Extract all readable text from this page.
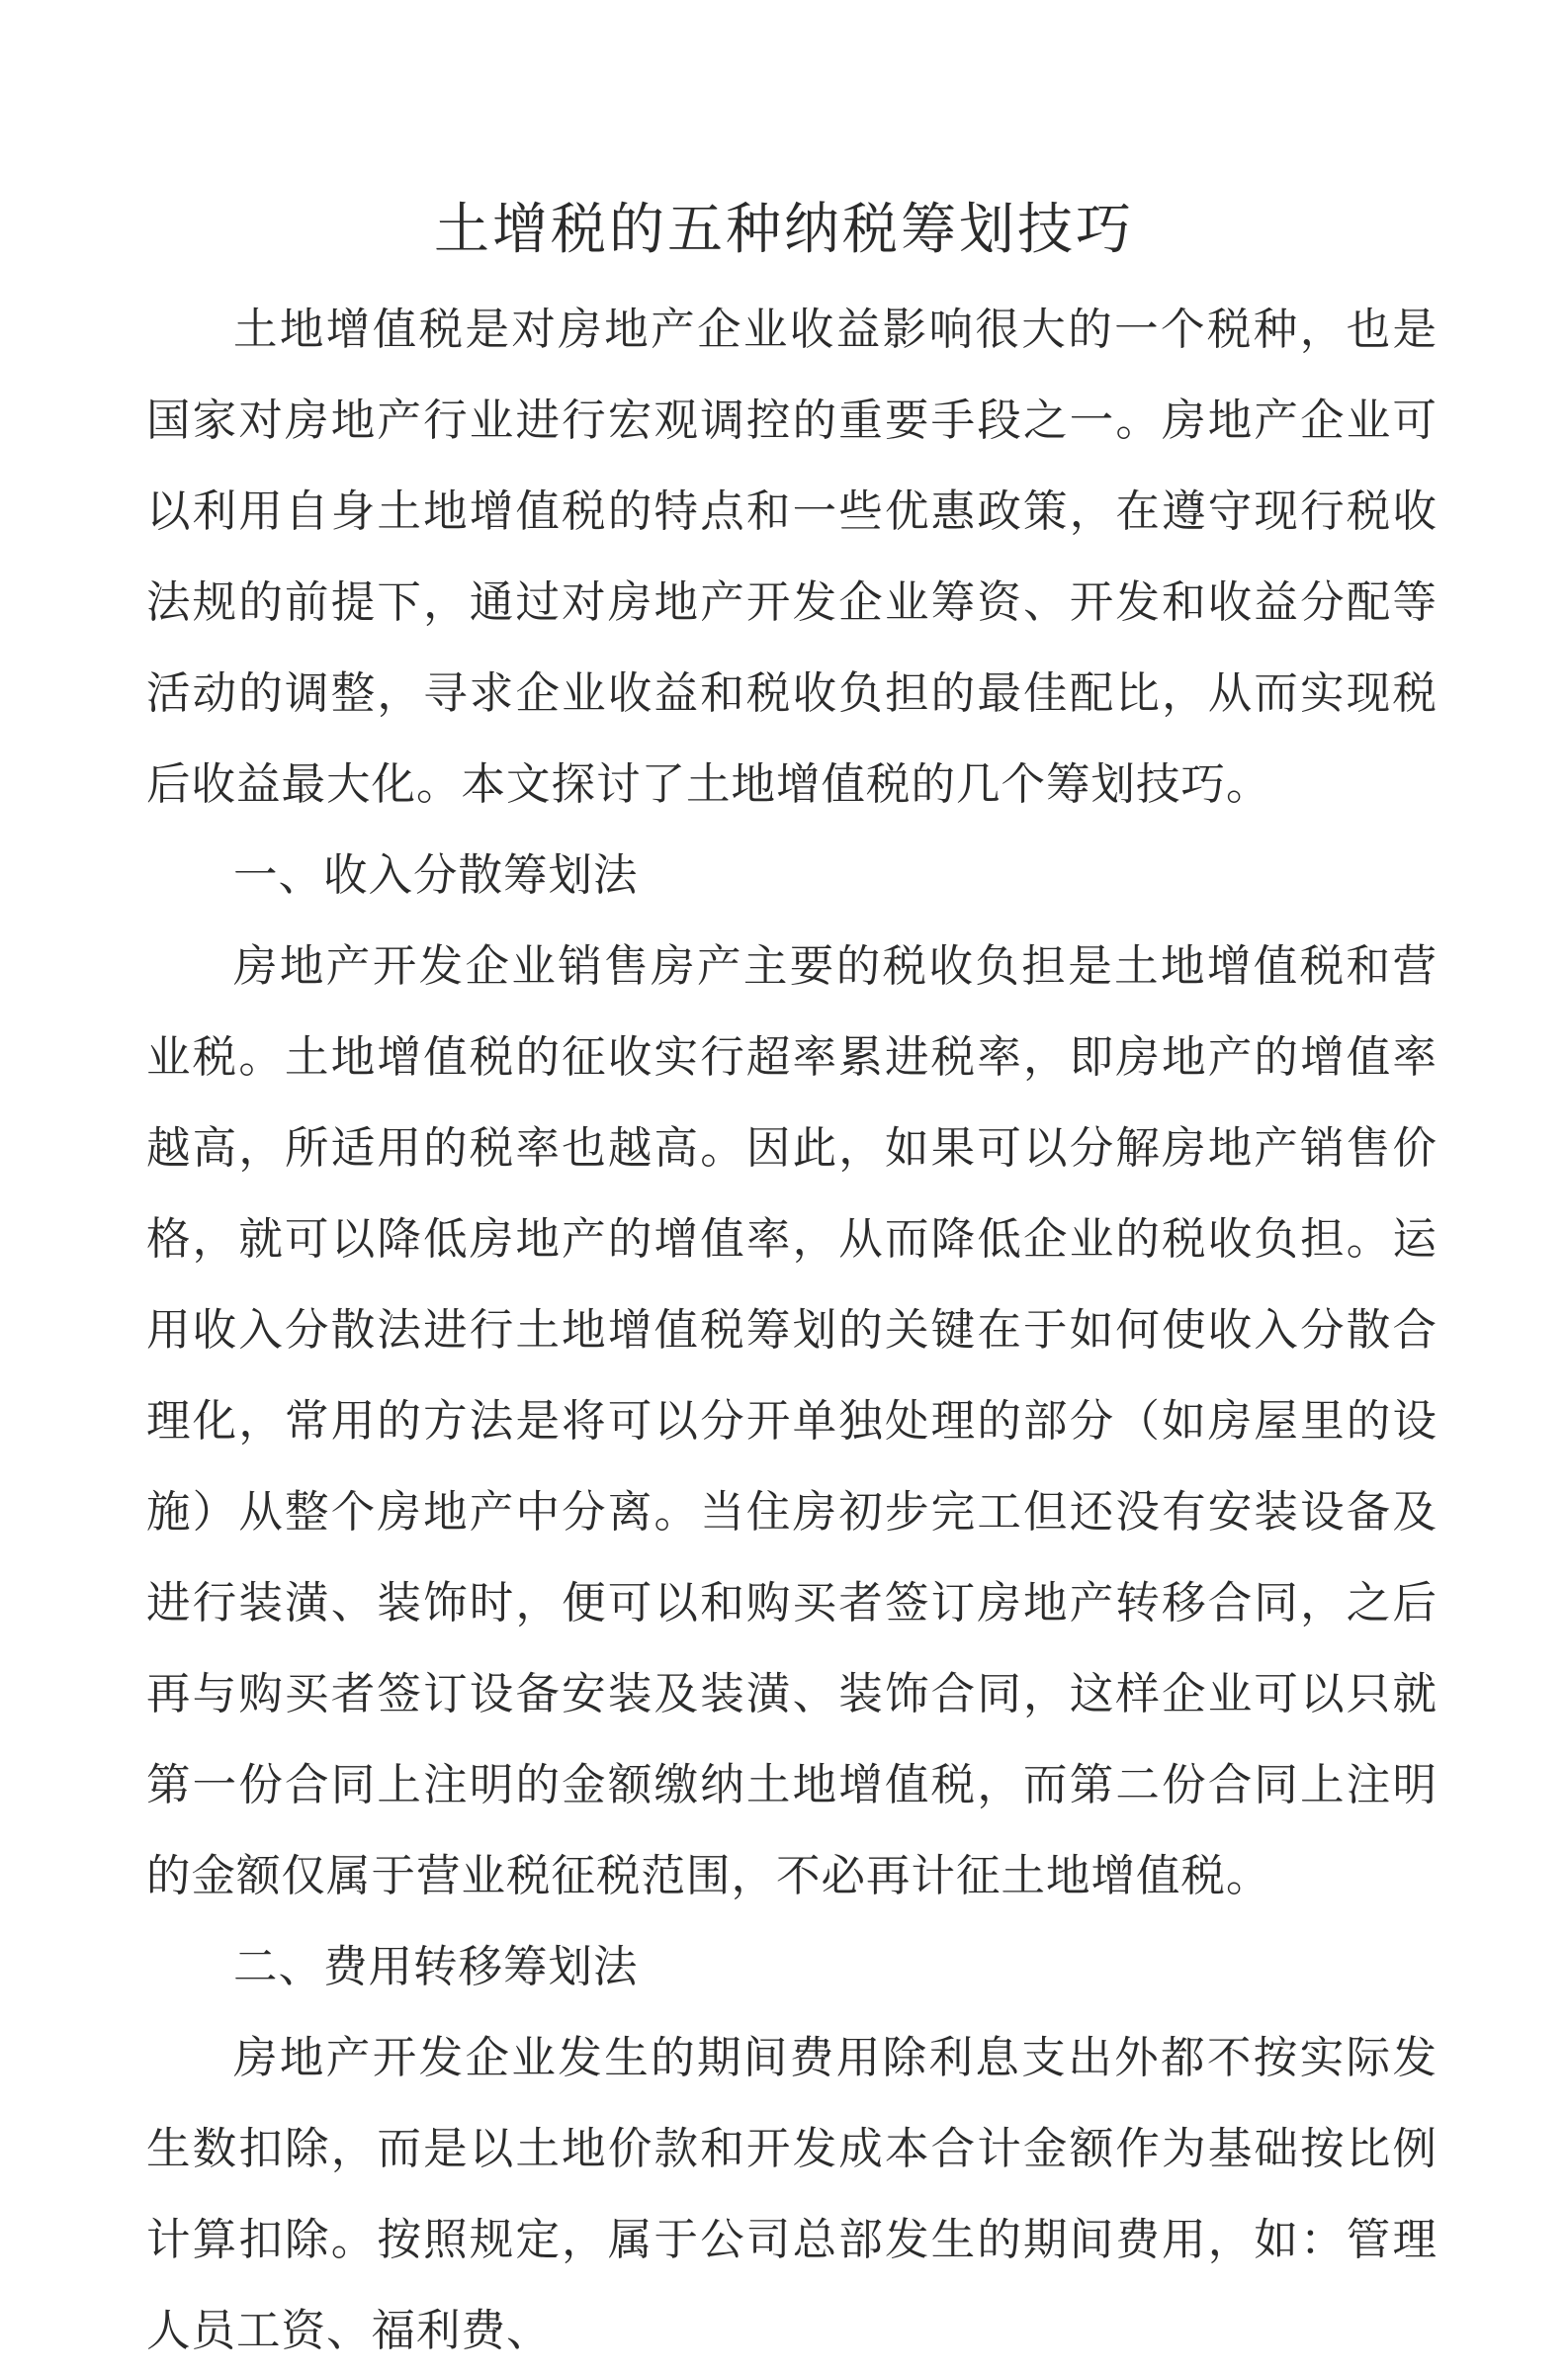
土增税的五种纳税筹划技巧

土地增值税是对房地产企业收益影响很大的一个税种，也是国家对房地产行业进行宏观调控的重要手段之一。房地产企业可以利用自身土地增值税的特点和一些优惠政策，在遵守现行税收法规的前提下，通过对房地产开发企业筹资、开发和收益分配等活动的调整，寻求企业收益和税收负担的最佳配比，从而实现税后收益最大化。本文探讨了土地增值税的几个筹划技巧。

一、收入分散筹划法

房地产开发企业销售房产主要的税收负担是土地增值税和营业税。土地增值税的征收实行超率累进税率，即房地产的增值率越高，所适用的税率也越高。因此，如果可以分解房地产销售价格，就可以降低房地产的增值率，从而降低企业的税收负担。运用收入分散法进行土地增值税筹划的关键在于如何使收入分散合理化，常用的方法是将可以分开单独处理的部分（如房屋里的设施）从整个房地产中分离。当住房初步完工但还没有安装设备及进行装潢、装饰时，便可以和购买者签订房地产转移合同，之后再与购买者签订设备安装及装潢、装饰合同，这样企业可以只就第一份合同上注明的金额缴纳土地增值税，而第二份合同上注明的金额仅属于营业税征税范围，不必再计征土地增值税。

二、费用转移筹划法

房地产开发企业发生的期间费用除利息支出外都不按实际发生数扣除，而是以土地价款和开发成本合计金额作为基础按比例计算扣除。按照规定，属于公司总部发生的期间费用，如：管理人员工资、福利费、
